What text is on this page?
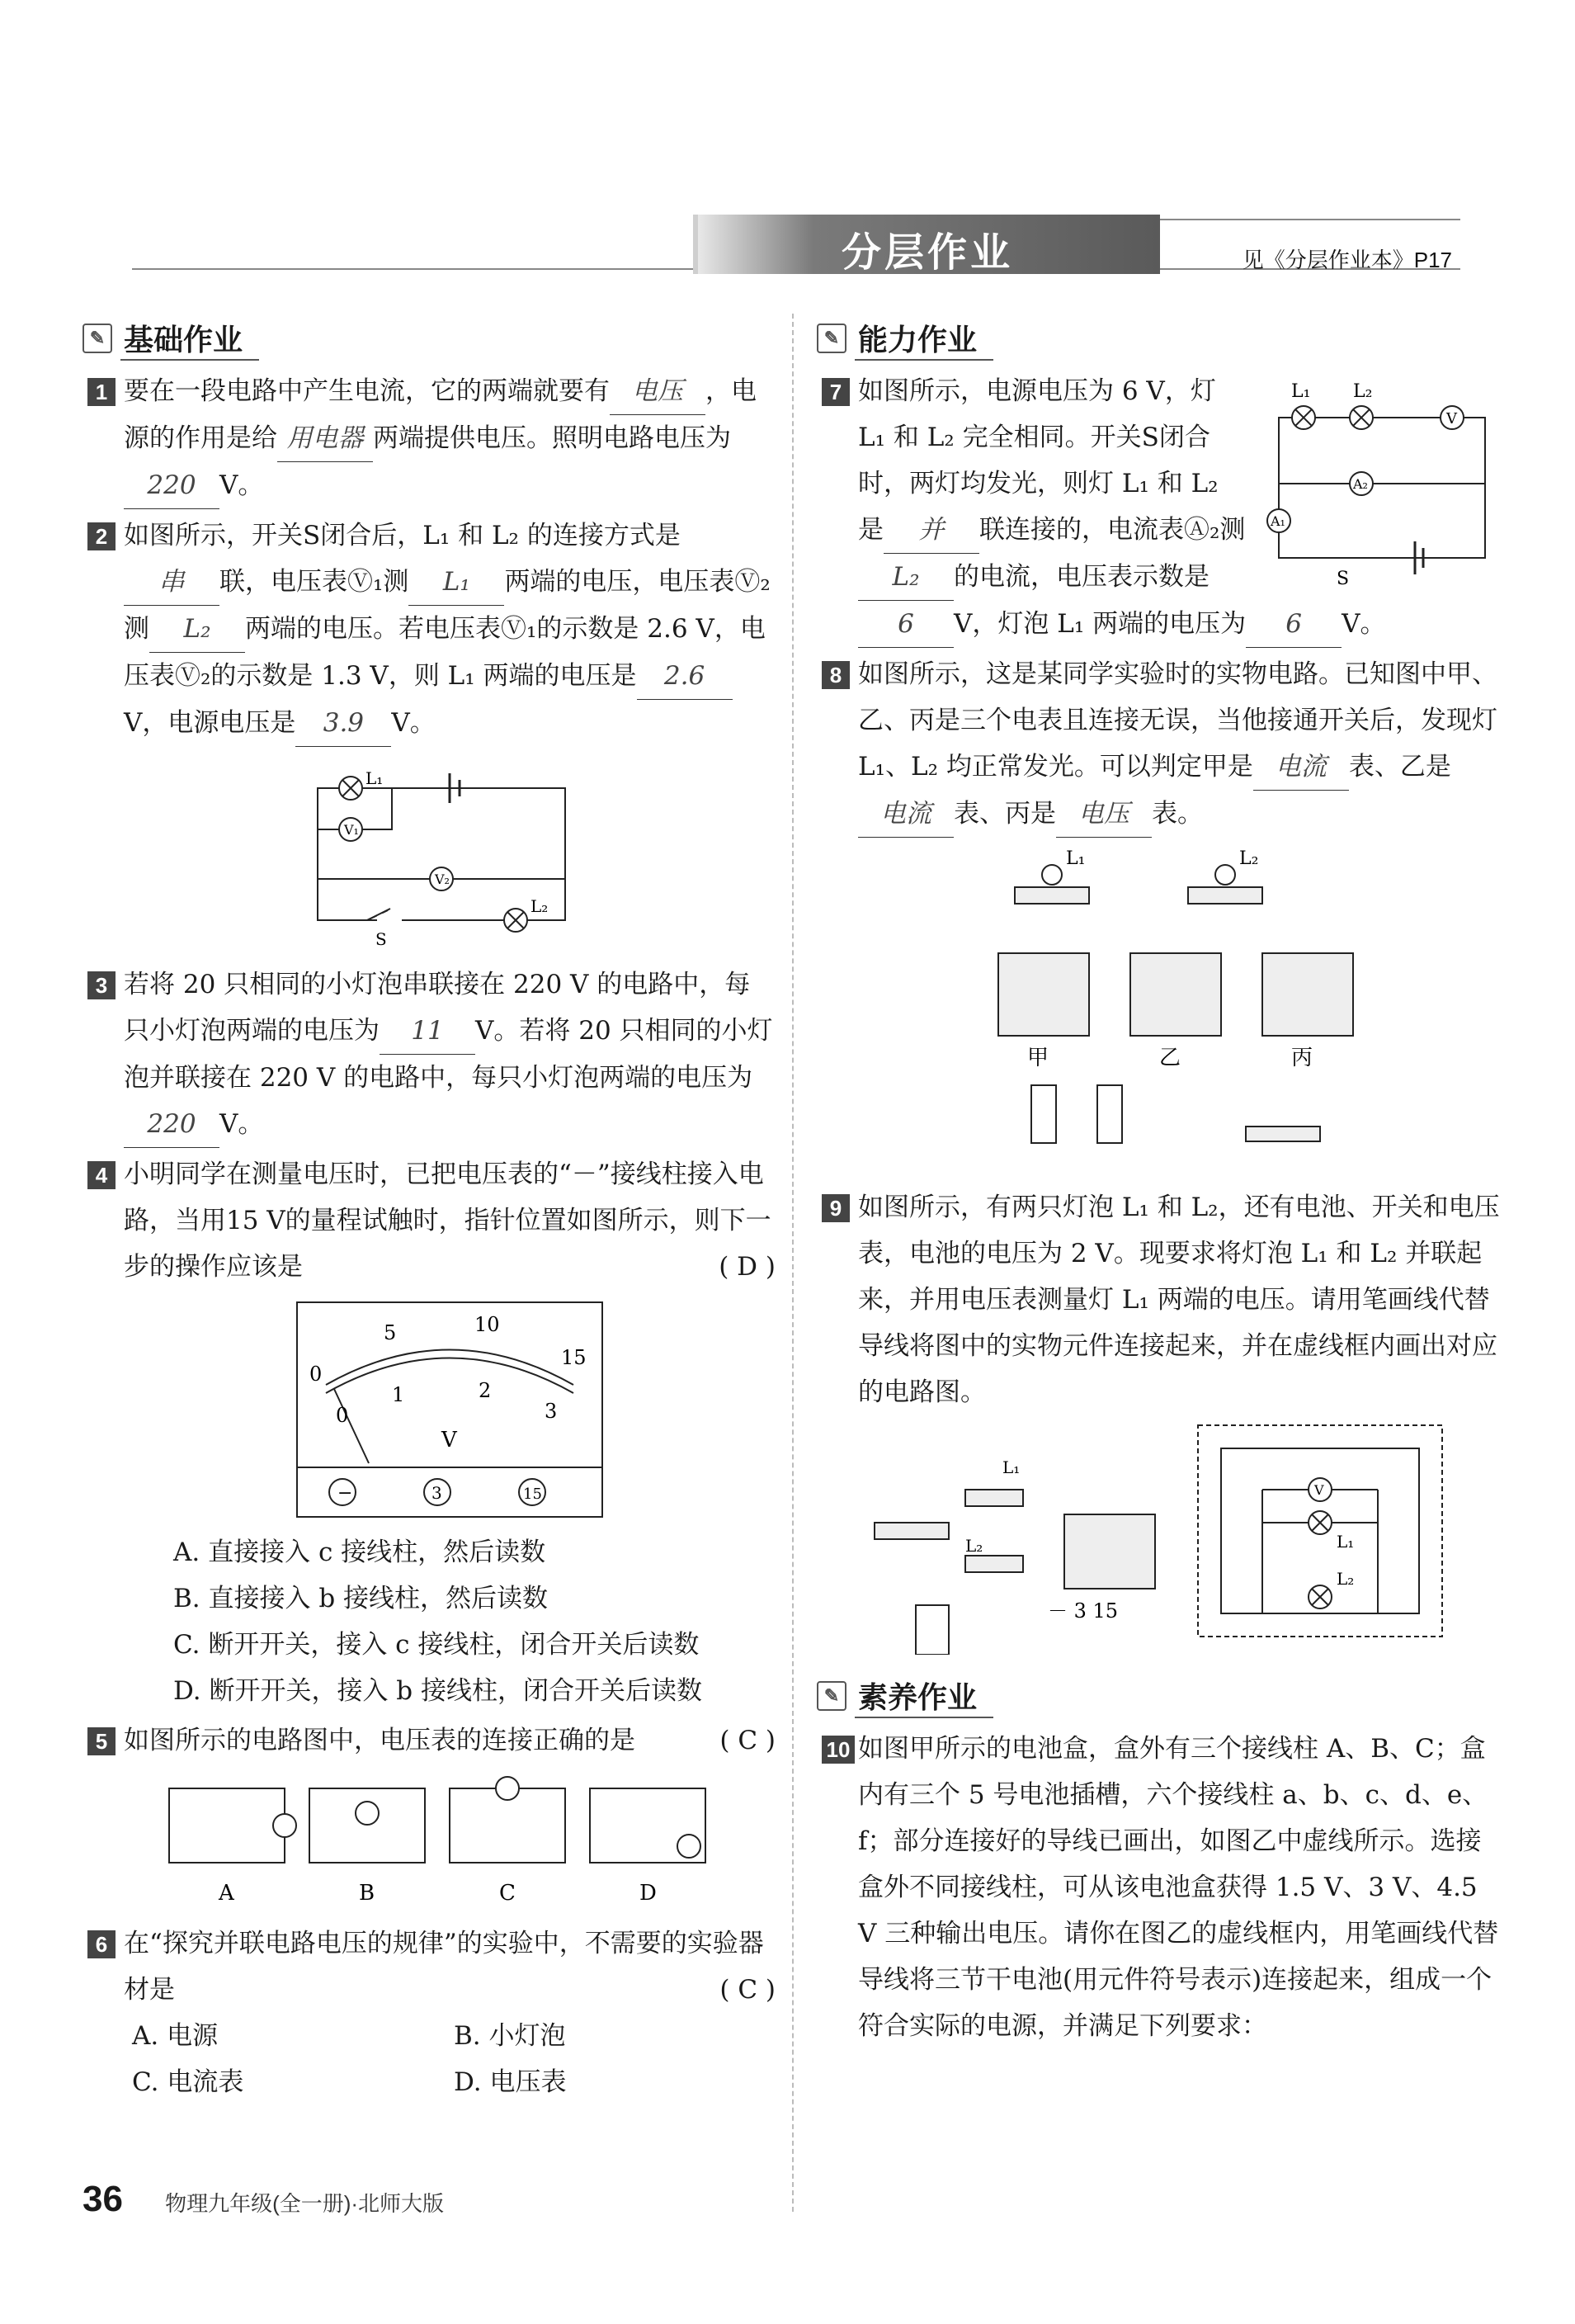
分层作业	见《分层作业本》P17
✎ 基础作业
1 要在一段电路中产生电流，它的两端就要有 电压 ，电源的作用是给 用电器 两端提供电压。照明电路电压为220 V。
2 如图所示，开关S闭合后，L₁ 和 L₂ 的连接方式是串 联，电压表Ⓥ₁测 L₁ 两端的电压，电压表Ⓥ₂测 L₂ 两端的电压。若电压表Ⓥ₁的示数是 2.6 V，电压表Ⓥ₂的示数是 1.3 V，则 L₁ 两端的电压是 2.6V，电源电压是 3.9 V。
L₁
V₁
V₂
L₂
S
3 若将 20 只相同的小灯泡串联接在 220 V 的电路中，每只小灯泡两端的电压为 11 V。若将 20 只相同的小灯泡并联接在 220 V 的电路中，每只小灯泡两端的电压为220 V。
4 小明同学在测量电压时，已把电压表的“－”接线柱接入电路，当用15 V的量程试触时，指针位置如图所示，则下一步的操作应该是	( D )
0
5	10
15
0
1	2
3
V
−	3	15
A. 直接接入 c 接线柱，然后读数
B. 直接接入 b 接线柱，然后读数
C. 断开开关，接入 c 接线柱，闭合开关后读数
D. 断开开关，接入 b 接线柱，闭合开关后读数
5 如图所示的电路图中，电压表的连接正确的是	( C )
A	B	C	D
6 在“探究并联电路电压的规律”的实验中，不需要的实验器材是	( C )
A. 电源	B. 小灯泡
C. 电流表	D. 电压表
✎ 能力作业
7	L₁ L₂
V
A₂
A₁
S
如图所示，电源电压为 6 V，灯 L₁ 和 L₂ 完全相同。开关S闭合时，两灯均发光，则灯 L₁ 和 L₂ 是 并 联连接的，电流表Ⓐ₂测L₂ 的电流，电压表示数是6 V，灯泡 L₁ 两端的电压为 6 V。
8 如图所示，这是某同学实验时的实物电路。已知图中甲、乙、丙是三个电表且连接无误，当他接通开关后，发现灯 L₁、L₂ 均正常发光。可以判定甲是 电流 表、乙是电流 表、丙是 电压 表。
L₁	L₂
甲	乙	丙
9 如图所示，有两只灯泡 L₁ 和 L₂，还有电池、开关和电压表，电池的电压为 2 V。现要求将灯泡 L₁ 和 L₂ 并联起来，并用电压表测量灯 L₁ 两端的电压。请用笔画线代替导线将图中的实物元件连接起来，并在虚线框内画出对应的电路图。
L₁
L₂
－ 3 15
V
L₁
L₂
✎ 素养作业
10 如图甲所示的电池盒，盒外有三个接线柱 A、B、C；盒内有三个 5 号电池插槽，六个接线柱 a、b、c、d、e、f；部分连接好的导线已画出，如图乙中虚线所示。选接盒外不同接线柱，可从该电池盒获得 1.5 V、3 V、4.5 V 三种输出电压。请你在图乙的虚线框内，用笔画线代替导线将三节干电池(用元件符号表示)连接起来，组成一个符合实际的电源，并满足下列要求：
36 物理九年级(全一册)·北师大版
